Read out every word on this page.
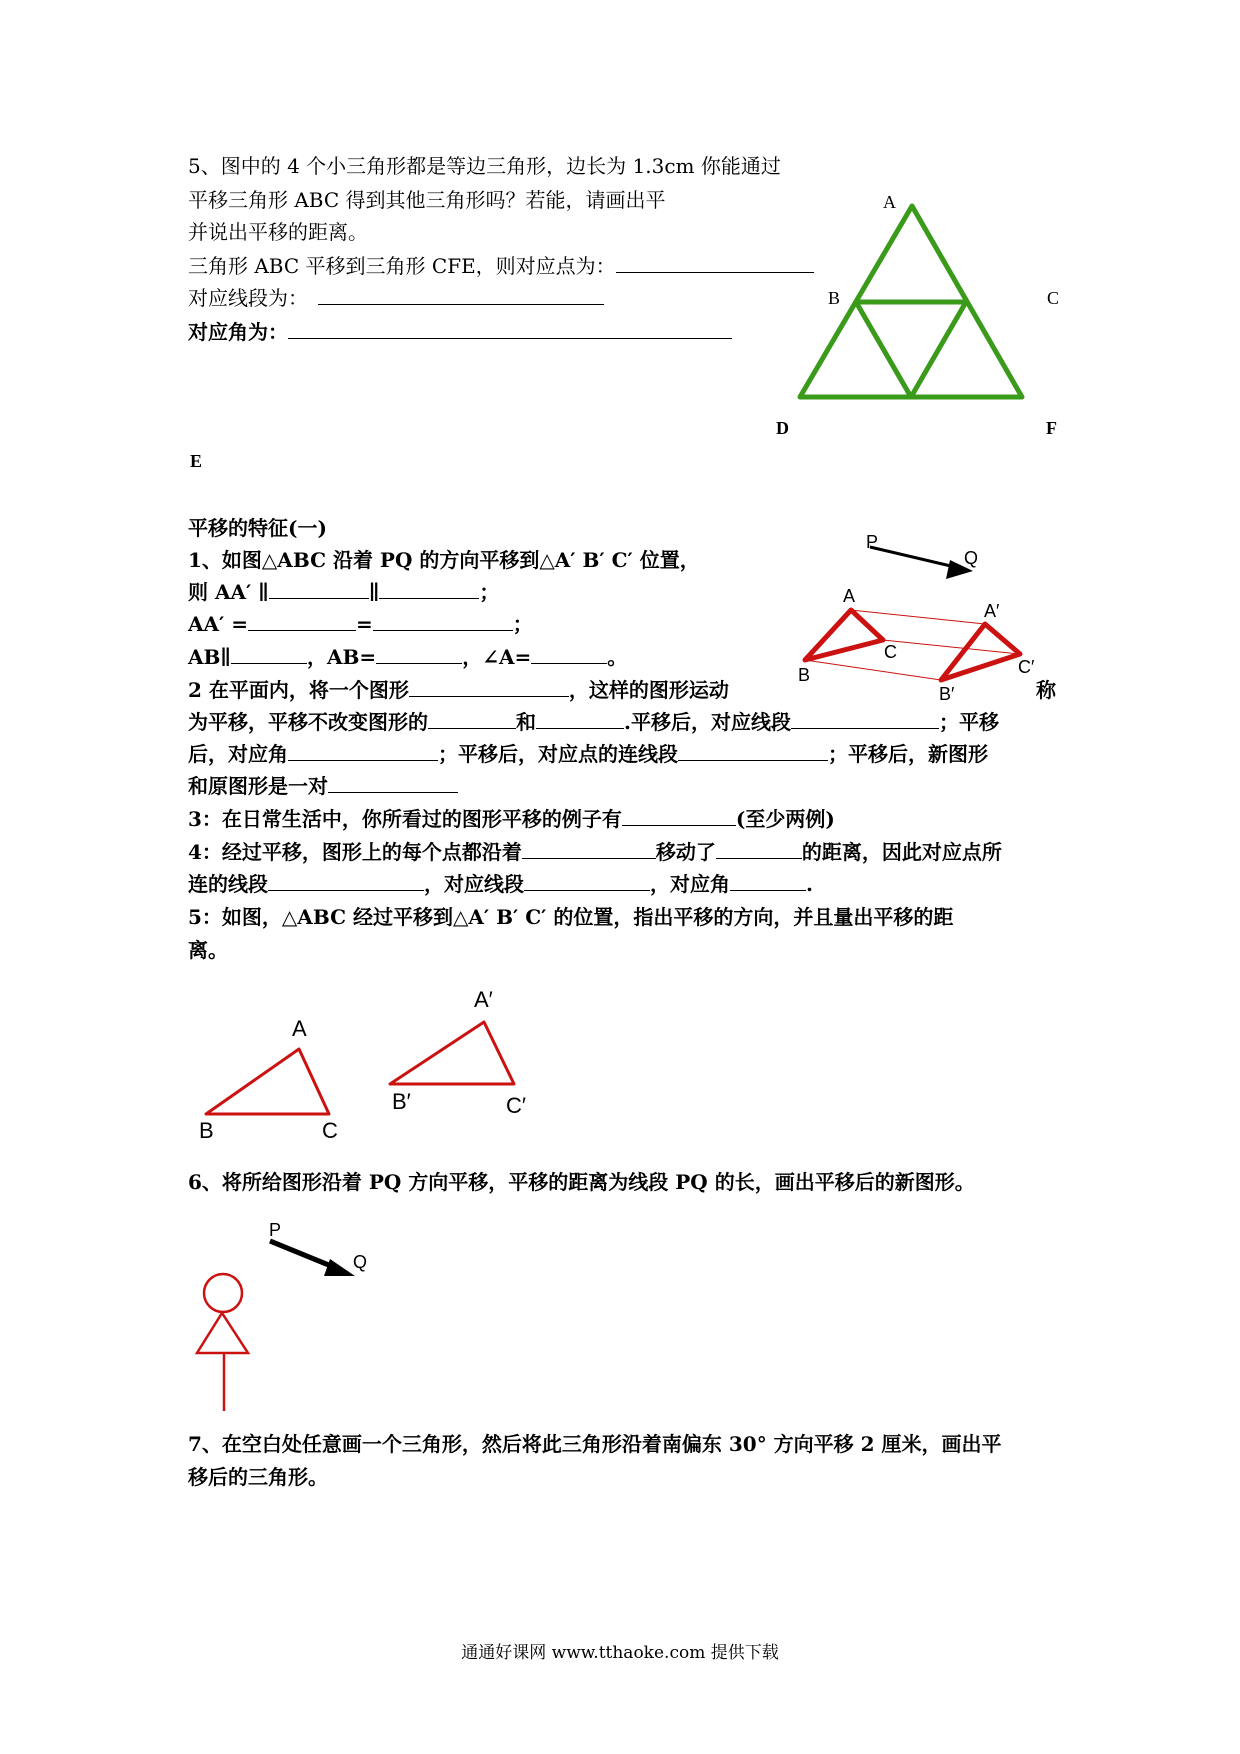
5、图中的 4 个小三角形都是等边三角形，边长为 1.3cm 你能通过
平移三角形 ABC 得到其他三角形吗？若能，请画出平
并说出平移的距离。
三角形 ABC 平移到三角形 CFE，则对应点为：
对应线段为：
对应角为：
A
B	C
D	F
E
平移的特征(一)
1、如图△ABC 沿着 PQ 的方向平移到△A′ B′ C′ 位置，
则 AA′ ∥	∥	；
AA′ =	=	；
AB∥	，AB=	，∠A=	。
P
Q
A
A′
B
B′
C
C′
2 在平面内，将一个图形	，这样的图形运动	称
为平移，平移不改变图形的	和	.平移后，对应线段	；平移
后，对应角	；平移后，对应点的连线段	；平移后，新图形
和原图形是一对
3：在日常生活中，你所看过的图形平移的例子有	(至少两例)
4：经过平移，图形上的每个点都沿着	移动了	的距离，因此对应点所
连的线段	，对应线段	，对应角	.
5：如图，△ABC 经过平移到△A′ B′ C′ 的位置，指出平移的方向，并且量出平移的距
离。
A
B	C
A′
B′	C′
6、将所给图形沿着 PQ 方向平移，平移的距离为线段 PQ 的长，画出平移后的新图形。
P
Q
7、在空白处任意画一个三角形，然后将此三角形沿着南偏东 30° 方向平移 2 厘米，画出平
移后的三角形。
通通好课网 www.tthaoke.com 提供下载
